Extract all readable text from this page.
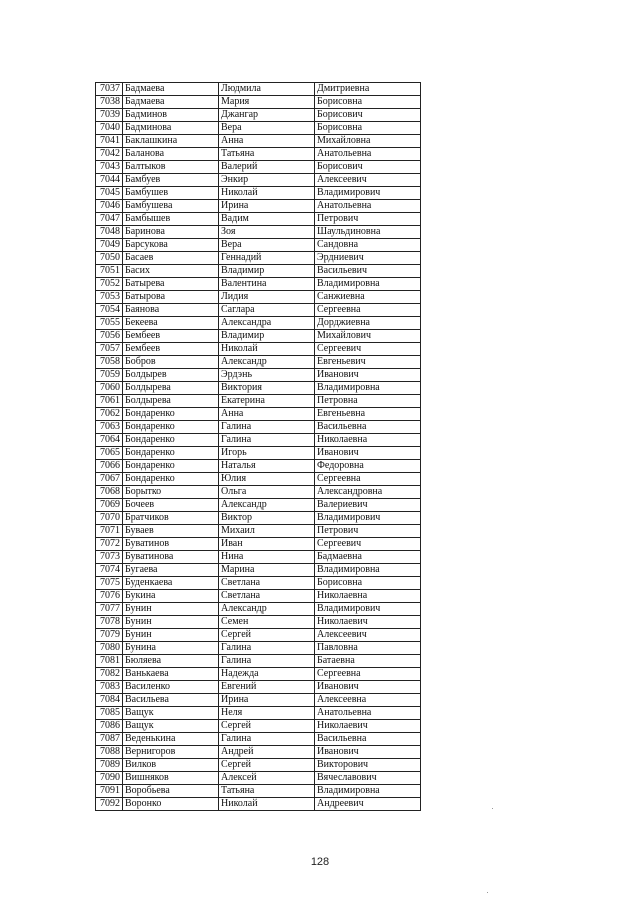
7037	Бадмаева	Людмила	Дмитриевна
7038	Бадмаева	Мария	Борисовна
7039	Бадминов	Джангар	Борисович
7040	Бадминова	Вера	Борисовна
7041	Баклашкина	Анна	Михайловна
7042	Баланова	Татьяна	Анатольевна
7043	Балтыков	Валерий	Борисович
7044	Бамбуев	Энкир	Алексеевич
7045	Бамбушев	Николай	Владимирович
7046	Бамбушева	Ирина	Анатольевна
7047	Бамбышев	Вадим	Петрович
7048	Баринова	Зоя	Шаульдиновна
7049	Барсукова	Вера	Сандовна
7050	Басаев	Геннадий	Эрдниевич
7051	Басих	Владимир	Васильевич
7052	Батырева	Валентина	Владимировна
7053	Батырова	Лидия	Санжиевна
7054	Баянова	Саглара	Сергеевна
7055	Бекеева	Александра	Дорджиевна
7056	Бембеев	Владимир	Михайлович
7057	Бембеев	Николай	Сергеевич
7058	Бобров	Александр	Евгеньевич
7059	Болдырев	Эрдэнь	Иванович
7060	Болдырева	Виктория	Владимировна
7061	Болдырева	Екатерина	Петровна
7062	Бондаренко	Анна	Евгеньевна
7063	Бондаренко	Галина	Васильевна
7064	Бондаренко	Галина	Николаевна
7065	Бондаренко	Игорь	Иванович
7066	Бондаренко	Наталья	Федоровна
7067	Бондаренко	Юлия	Сергеевна
7068	Борытко	Ольга	Александровна
7069	Бочеев	Александр	Валериевич
7070	Братчиков	Виктор	Владимирович
7071	Буваев	Михаил	Петрович
7072	Буватинов	Иван	Сергеевич
7073	Буватинова	Нина	Бадмаевна
7074	Бугаева	Марина	Владимировна
7075	Буденкаева	Светлана	Борисовна
7076	Букина	Светлана	Николаевна
7077	Бунин	Александр	Владимирович
7078	Бунин	Семен	Николаевич
7079	Бунин	Сергей	Алексеевич
7080	Бунина	Галина	Павловна
7081	Бюляева	Галина	Батаевна
7082	Ванькаева	Надежда	Сергеевна
7083	Василенко	Евгений	Иванович
7084	Васильева	Ирина	Алексеевна
7085	Ващук	Неля	Анатольевна
7086	Ващук	Сергей	Николаевич
7087	Веденькина	Галина	Васильевна
7088	Вернигоров	Андрей	Иванович
7089	Вилков	Сергей	Викторович
7090	Вишняков	Алексей	Вячеславович
7091	Воробьева	Татьяна	Владимировна
7092	Воронко	Николай	Андреевич
128
